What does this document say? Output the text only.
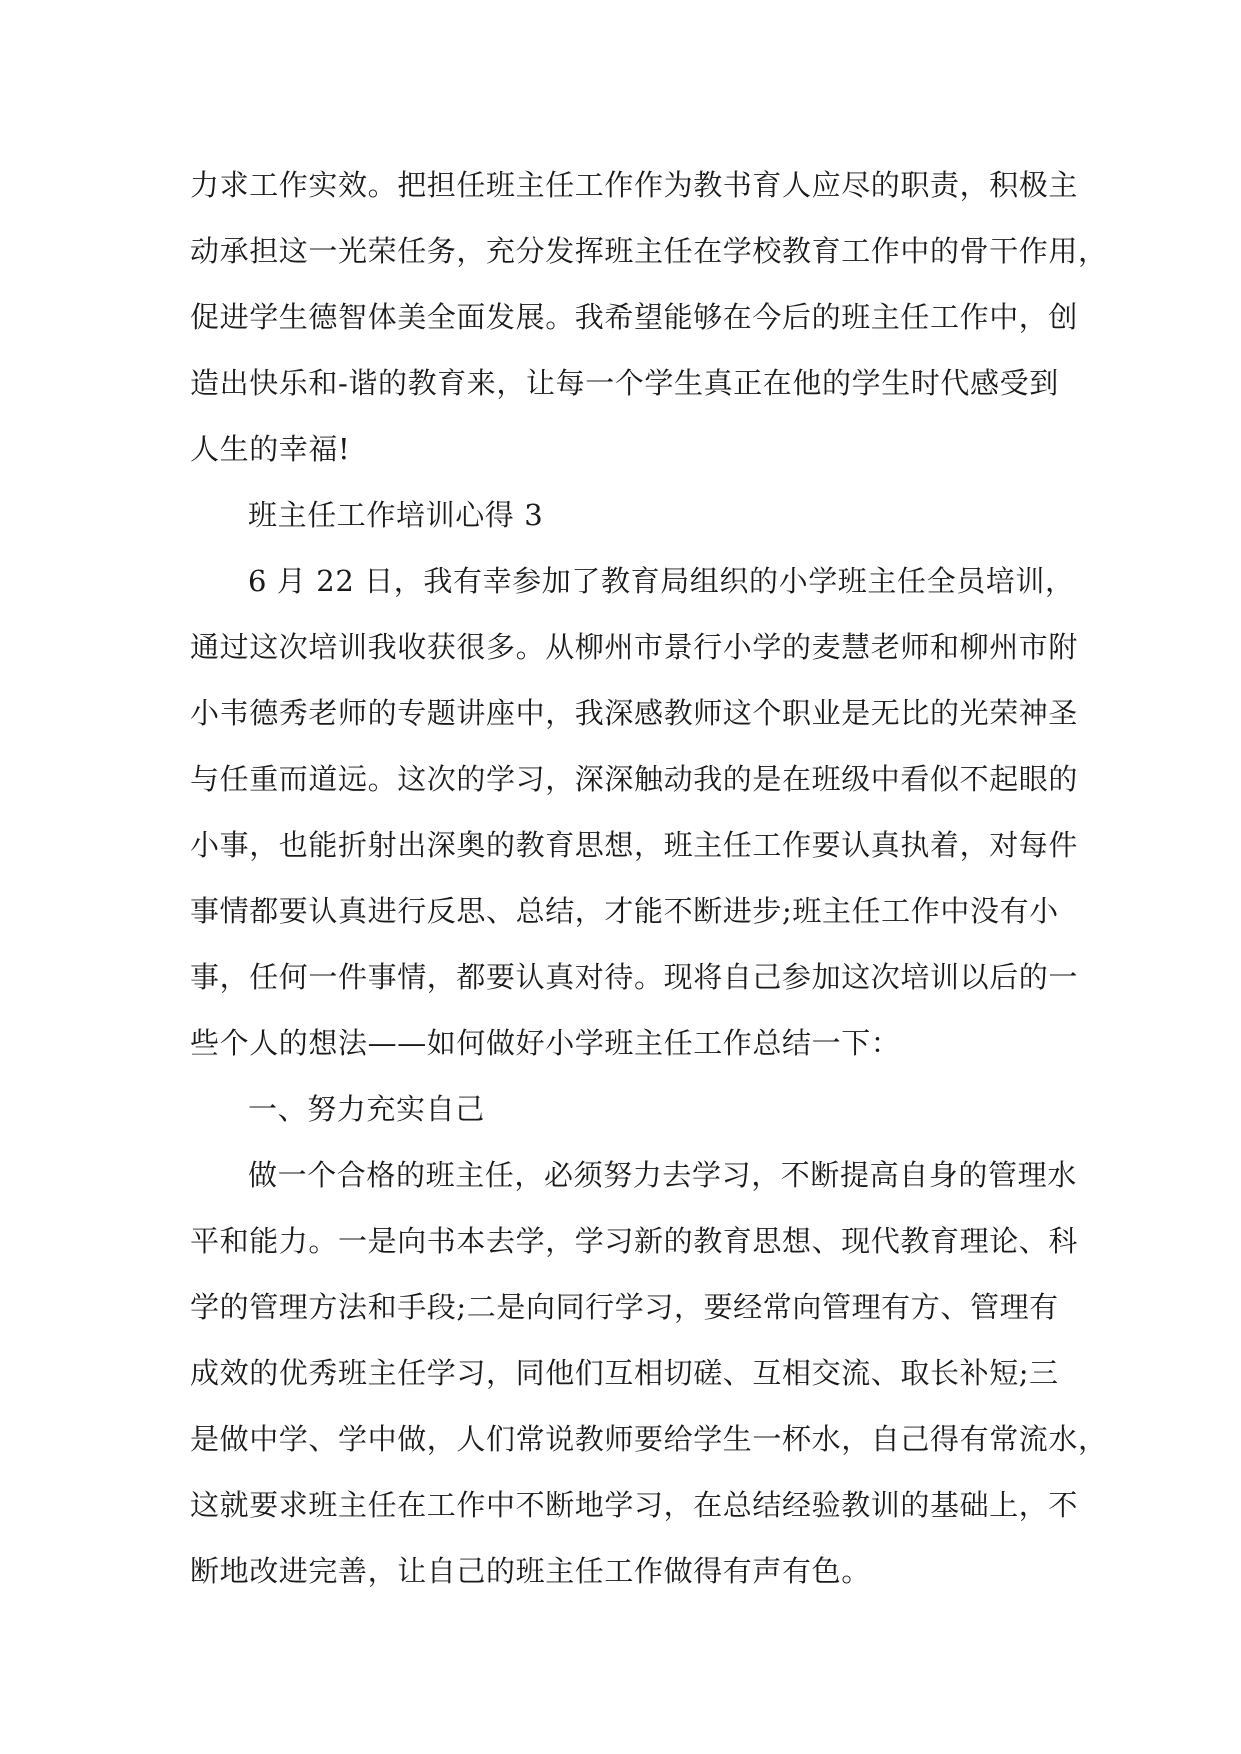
力求工作实效。把担任班主任工作作为教书育人应尽的职责，积极主
动承担这一光荣任务，充分发挥班主任在学校教育工作中的骨干作用，
促进学生德智体美全面发展。我希望能够在今后的班主任工作中，创
造出快乐和-谐的教育来，让每一个学生真正在他的学生时代感受到
人生的幸福!
班主任工作培训心得 3
6 月 22 日，我有幸参加了教育局组织的小学班主任全员培训，
通过这次培训我收获很多。从柳州市景行小学的麦慧老师和柳州市附
小韦德秀老师的专题讲座中，我深感教师这个职业是无比的光荣神圣
与任重而道远。这次的学习，深深触动我的是在班级中看似不起眼的
小事，也能折射出深奥的教育思想，班主任工作要认真执着，对每件
事情都要认真进行反思、总结，才能不断进步;班主任工作中没有小
事，任何一件事情，都要认真对待。现将自己参加这次培训以后的一
些个人的想法——如何做好小学班主任工作总结一下：
一、努力充实自己
做一个合格的班主任，必须努力去学习，不断提高自身的管理水
平和能力。一是向书本去学，学习新的教育思想、现代教育理论、科
学的管理方法和手段;二是向同行学习，要经常向管理有方、管理有
成效的优秀班主任学习，同他们互相切磋、互相交流、取长补短;三
是做中学、学中做，人们常说教师要给学生一杯水，自己得有常流水，
这就要求班主任在工作中不断地学习，在总结经验教训的基础上，不
断地改进完善，让自己的班主任工作做得有声有色。
